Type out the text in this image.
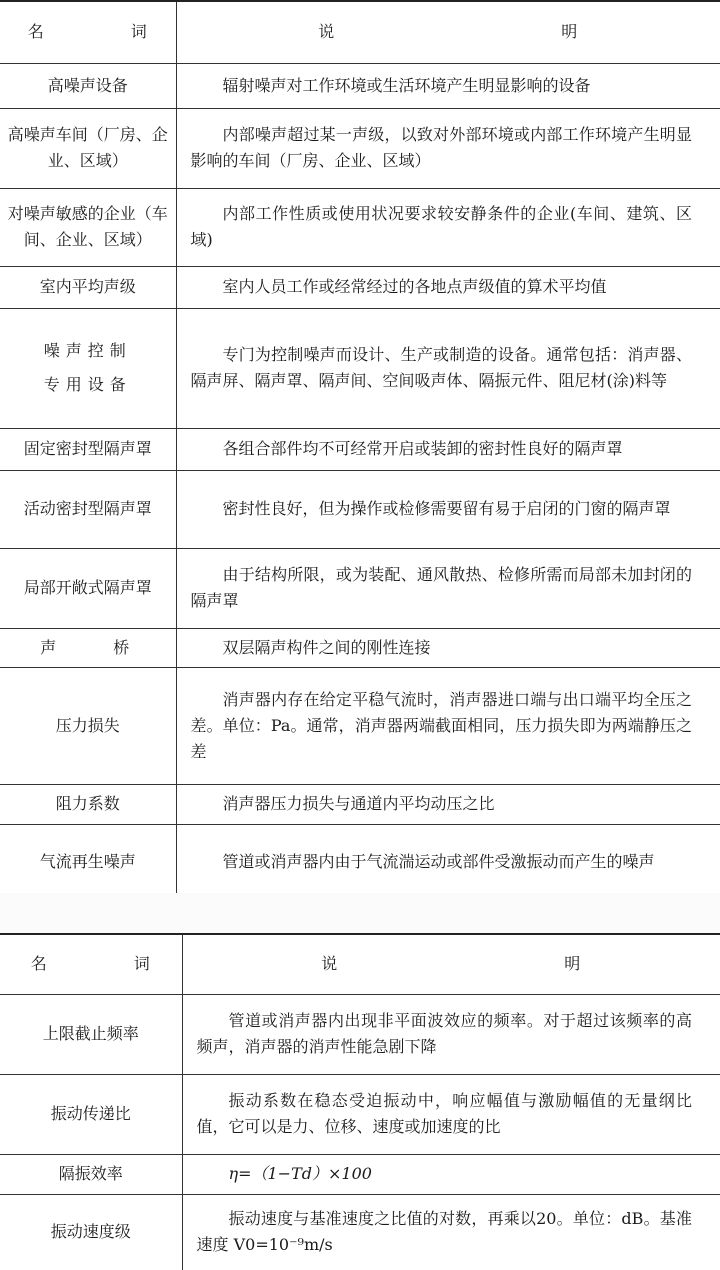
名 词	说 明
高噪声设备	辐射噪声对工作环境或生活环境产生明显影响的设备
高噪声车间（厂房、企业、区域）	内部噪声超过某一声级，以致对外部环境或内部工作环境产生明显影响的车间（厂房、企业、区域）
对噪声敏感的企业（车间、企业、区域）	内部工作性质或使用状况要求较安静条件的企业(车间、建筑、区域)
室内平均声级	室内人员工作或经常经过的各地点声级值的算术平均值
噪声控制专用设备	专门为控制噪声而设计、生产或制造的设备。通常包括：消声器、隔声屏、隔声罩、隔声间、空间吸声体、隔振元件、阻尼材(涂)料等
固定密封型隔声罩	各组合部件均不可经常开启或装卸的密封性良好的隔声罩
活动密封型隔声罩	密封性良好，但为操作或检修需要留有易于启闭的门窗的隔声罩
局部开敞式隔声罩	由于结构所限，或为装配、通风散热、检修所需而局部未加封闭的隔声罩
声 桥	双层隔声构件之间的刚性连接
压力损失	消声器内存在给定平稳气流时，消声器进口端与出口端平均全压之差。单位：Pa。通常，消声器两端截面相同，压力损失即为两端静压之差
阻力系数	消声器压力损失与通道内平均动压之比
气流再生噪声	管道或消声器内由于气流湍运动或部件受激振动而产生的噪声
名 词	说 明
上限截止频率	管道或消声器内出现非平面波效应的频率。对于超过该频率的高频声，消声器的消声性能急剧下降
振动传递比	振动系数在稳态受迫振动中，响应幅值与激励幅值的无量纲比值，它可以是力、位移、速度或加速度的比
隔振效率	η=（1−Td）×100
振动速度级	振动速度与基准速度之比值的对数，再乘以20。单位：dB。基准速度 V0=10⁻⁹m/s
